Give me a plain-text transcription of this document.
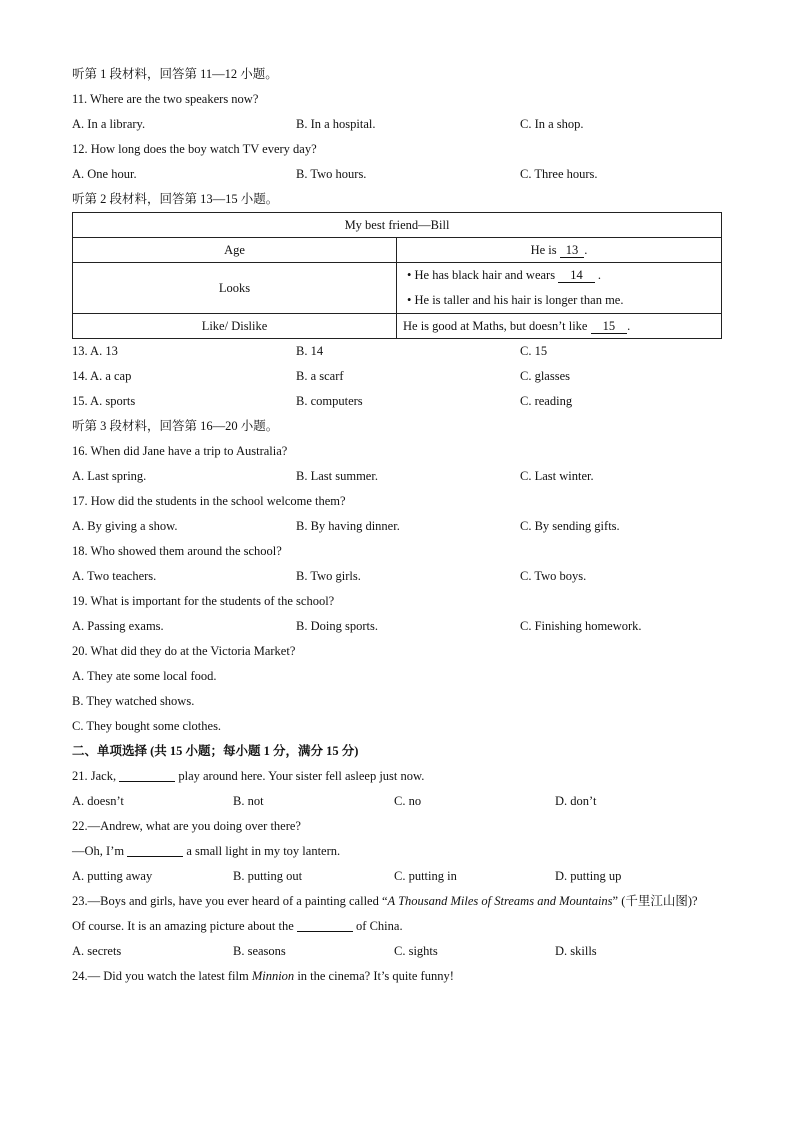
听第 1 段材料，回答第 11—12 小题。
11. Where are the two speakers now?
A. In a library.	B. In a hospital.	C. In a shop.
12. How long does the boy watch TV every day?
A. One hour.	B. Two hours.	C. Three hours.
听第 2 段材料，回答第 13—15 小题。
My best friend—Bill	
Age	He is 13 .
Looks	• He has black hair and wears 14 .
• He is taller and his hair is longer than me.

Like/ Dislike	He is good at Maths, but doesn’t like 15 .
13. A. 13	B. 14	C. 15
14. A. a cap	B. a scarf	C. glasses
15. A. sports	B. computers	C. reading
听第 3 段材料，回答第 16—20 小题。
16. When did Jane have a trip to Australia?
A. Last spring.	B. Last summer.	C. Last winter.
17. How did the students in the school welcome them?
A. By giving a show.	B. By having dinner.	C. By sending gifts.
18. Who showed them around the school?
A. Two teachers.	B. Two girls.	C. Two boys.
19. What is important for the students of the school?
A. Passing exams.	B. Doing sports.	C. Finishing homework.
20. What did they do at the Victoria Market?
A. They ate some local food.
B. They watched shows.
C. They bought some clothes.
二、单项选择 (共 15 小题；每小题 1 分，满分 15 分)
21. Jack,	play around here. Your sister fell asleep just now.
A. doesn’t	B. not	C. no	D. don’t
22.—Andrew, what are you doing over there?
—Oh, I’m	a small light in my toy lantern.
A. putting away	B. putting out	C. putting in	D. putting up
23.—Boys and girls, have you ever heard of a painting called “A Thousand Miles of Streams and Mountains” (千里江山图)?
Of course. It is an amazing picture about the	of China.
A. secrets	B. seasons	C. sights	D. skills
24.— Did you watch the latest film Minnion in the cinema? It’s quite funny!
